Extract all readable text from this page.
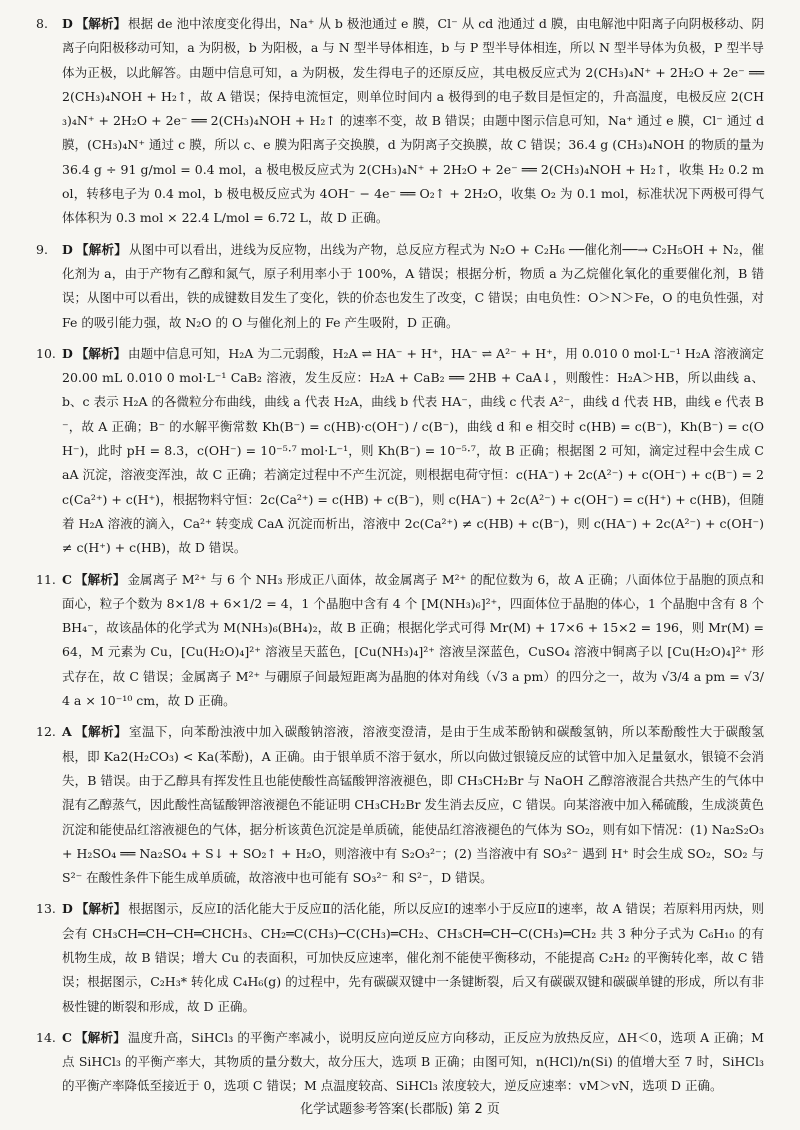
8. D 【解析】 根据 de 池中浓度变化得出，Na⁺ 从 b 极池通过 e 膜，Cl⁻ 从 cd 池通过 d 膜，由电解池中阳离子向阴极移动、阴离子向阳极移动可知，a 为阴极，b 为阳极，a 与 N 型半导体相连，b 与 P 型半导体相连，所以 N 型半导体为负极，P 型半导体为正极，以此解答。由题中信息可知，a 为阴极，发生得电子的还原反应，其电极反应式为 2(CH₃)₄N⁺ + 2H₂O + 2e⁻ ══ 2(CH₃)₄NOH + H₂↑，故 A 错误；保持电流恒定，则单位时间内 a 极得到的电子数目是恒定的，升高温度，电极反应 2(CH₃)₄N⁺ + 2H₂O + 2e⁻ ══ 2(CH₃)₄NOH + H₂↑ 的速率不变，故 B 错误；由题中图示信息可知，Na⁺ 通过 e 膜，Cl⁻ 通过 d 膜，(CH₃)₄N⁺ 通过 c 膜，所以 c、e 膜为阳离子交换膜，d 为阴离子交换膜，故 C 错误；36.4 g (CH₃)₄NOH 的物质的量为 36.4 g ÷ 91 g/mol = 0.4 mol，a 极电极反应式为 2(CH₃)₄N⁺ + 2H₂O + 2e⁻ ══ 2(CH₃)₄NOH + H₂↑，收集 H₂ 0.2 mol，转移电子为 0.4 mol，b 极电极反应式为 4OH⁻ − 4e⁻ ══ O₂↑ + 2H₂O，收集 O₂ 为 0.1 mol，标准状况下两极可得气体体积为 0.3 mol × 22.4 L/mol = 6.72 L，故 D 正确。
9. D 【解析】 从图中可以看出，进线为反应物，出线为产物，总反应方程式为 N₂O + C₂H₆ ──催化剂──→ C₂H₅OH + N₂，催化剂为 a，由于产物有乙醇和氮气，原子利用率小于 100%，A 错误；根据分析，物质 a 为乙烷催化氧化的重要催化剂，B 错误；从图中可以看出，铁的成键数目发生了变化，铁的价态也发生了改变，C 错误；由电负性：O＞N＞Fe，O 的电负性强，对 Fe 的吸引能力强，故 N₂O 的 O 与催化剂上的 Fe 产生吸附，D 正确。
10. D 【解析】 由题中信息可知，H₂A 为二元弱酸，H₂A ⇌ HA⁻ + H⁺，HA⁻ ⇌ A²⁻ + H⁺，用 0.010 0 mol·L⁻¹ H₂A 溶液滴定 20.00 mL 0.010 0 mol·L⁻¹ CaB₂ 溶液，发生反应：H₂A + CaB₂ ══ 2HB + CaA↓，则酸性：H₂A＞HB，所以曲线 a、b、c 表示 H₂A 的各微粒分布曲线，曲线 a 代表 H₂A，曲线 b 代表 HA⁻，曲线 c 代表 A²⁻，曲线 d 代表 HB，曲线 e 代表 B⁻，故 A 正确；B⁻ 的水解平衡常数 Kh(B⁻) = c(HB)·c(OH⁻) / c(B⁻)，曲线 d 和 e 相交时 c(HB) = c(B⁻)，Kh(B⁻) = c(OH⁻)，此时 pH = 8.3，c(OH⁻) = 10⁻⁵·⁷ mol·L⁻¹，则 Kh(B⁻) = 10⁻⁵·⁷，故 B 正确；根据图 2 可知，滴定过程中会生成 CaA 沉淀，溶液变浑浊，故 C 正确；若滴定过程中不产生沉淀，则根据电荷守恒：c(HA⁻) + 2c(A²⁻) + c(OH⁻) + c(B⁻) = 2c(Ca²⁺) + c(H⁺)，根据物料守恒：2c(Ca²⁺) = c(HB) + c(B⁻)，则 c(HA⁻) + 2c(A²⁻) + c(OH⁻) = c(H⁺) + c(HB)，但随着 H₂A 溶液的滴入，Ca²⁺ 转变成 CaA 沉淀而析出，溶液中 2c(Ca²⁺) ≠ c(HB) + c(B⁻)，则 c(HA⁻) + 2c(A²⁻) + c(OH⁻) ≠ c(H⁺) + c(HB)，故 D 错误。
11. C 【解析】 金属离子 M²⁺ 与 6 个 NH₃ 形成正八面体，故金属离子 M²⁺ 的配位数为 6，故 A 正确；八面体位于晶胞的顶点和面心，粒子个数为 8×1/8 + 6×1/2 = 4，1 个晶胞中含有 4 个 [M(NH₃)₆]²⁺，四面体位于晶胞的体心，1 个晶胞中含有 8 个 BH₄⁻，故该晶体的化学式为 M(NH₃)₆(BH₄)₂，故 B 正确；根据化学式可得 Mr(M) + 17×6 + 15×2 = 196，则 Mr(M) = 64，M 元素为 Cu，[Cu(H₂O)₄]²⁺ 溶液呈天蓝色，[Cu(NH₃)₄]²⁺ 溶液呈深蓝色，CuSO₄ 溶液中铜离子以 [Cu(H₂O)₄]²⁺ 形式存在，故 C 错误；金属离子 M²⁺ 与硼原子间最短距离为晶胞的体对角线（√3 a pm）的四分之一，故为 √3/4 a pm = √3/4 a × 10⁻¹⁰ cm，故 D 正确。
12. A 【解析】 室温下，向苯酚浊液中加入碳酸钠溶液，溶液变澄清，是由于生成苯酚钠和碳酸氢钠，所以苯酚酸性大于碳酸氢根，即 Ka2(H₂CO₃) < Ka(苯酚)，A 正确。由于银单质不溶于氨水，所以向做过银镜反应的试管中加入足量氨水，银镜不会消失，B 错误。由于乙醇具有挥发性且也能使酸性高锰酸钾溶液褪色，即 CH₃CH₂Br 与 NaOH 乙醇溶液混合共热产生的气体中混有乙醇蒸气，因此酸性高锰酸钾溶液褪色不能证明 CH₃CH₂Br 发生消去反应，C 错误。向某溶液中加入稀硫酸，生成淡黄色沉淀和能使品红溶液褪色的气体，据分析该黄色沉淀是单质硫，能使品红溶液褪色的气体为 SO₂，则有如下情况：(1) Na₂S₂O₃ + H₂SO₄ ══ Na₂SO₄ + S↓ + SO₂↑ + H₂O，则溶液中有 S₂O₃²⁻；(2) 当溶液中有 SO₃²⁻ 遇到 H⁺ 时会生成 SO₂，SO₂ 与 S²⁻ 在酸性条件下能生成单质硫，故溶液中也可能有 SO₃²⁻ 和 S²⁻，D 错误。
13. D 【解析】 根据图示，反应Ⅰ的活化能大于反应Ⅱ的活化能，所以反应Ⅰ的速率小于反应Ⅱ的速率，故 A 错误；若原料用丙炔，则会有 CH₃CH═CH─CH═CHCH₃、CH₂═C(CH₃)─C(CH₃)═CH₂、CH₃CH═CH─C(CH₃)═CH₂ 共 3 种分子式为 C₆H₁₀ 的有机物生成，故 B 错误；增大 Cu 的表面积，可加快反应速率，催化剂不能使平衡移动，不能提高 C₂H₂ 的平衡转化率，故 C 错误；根据图示，C₂H₃* 转化成 C₄H₆(g) 的过程中，先有碳碳双键中一条键断裂，后又有碳碳双键和碳碳单键的形成，所以有非极性键的断裂和形成，故 D 正确。
14. C 【解析】 温度升高，SiHCl₃ 的平衡产率减小，说明反应向逆反应方向移动，正反应为放热反应，ΔH＜0，选项 A 正确；M 点 SiHCl₃ 的平衡产率大，其物质的量分数大，故分压大，选项 B 正确；由图可知，n(HCl)/n(Si) 的值增大至 7 时，SiHCl₃ 的平衡产率降低至接近于 0，选项 C 错误；M 点温度较高、SiHCl₃ 浓度较大，逆反应速率：vM＞vN，选项 D 正确。
化学试题参考答案(长郡版) 第 2 页
